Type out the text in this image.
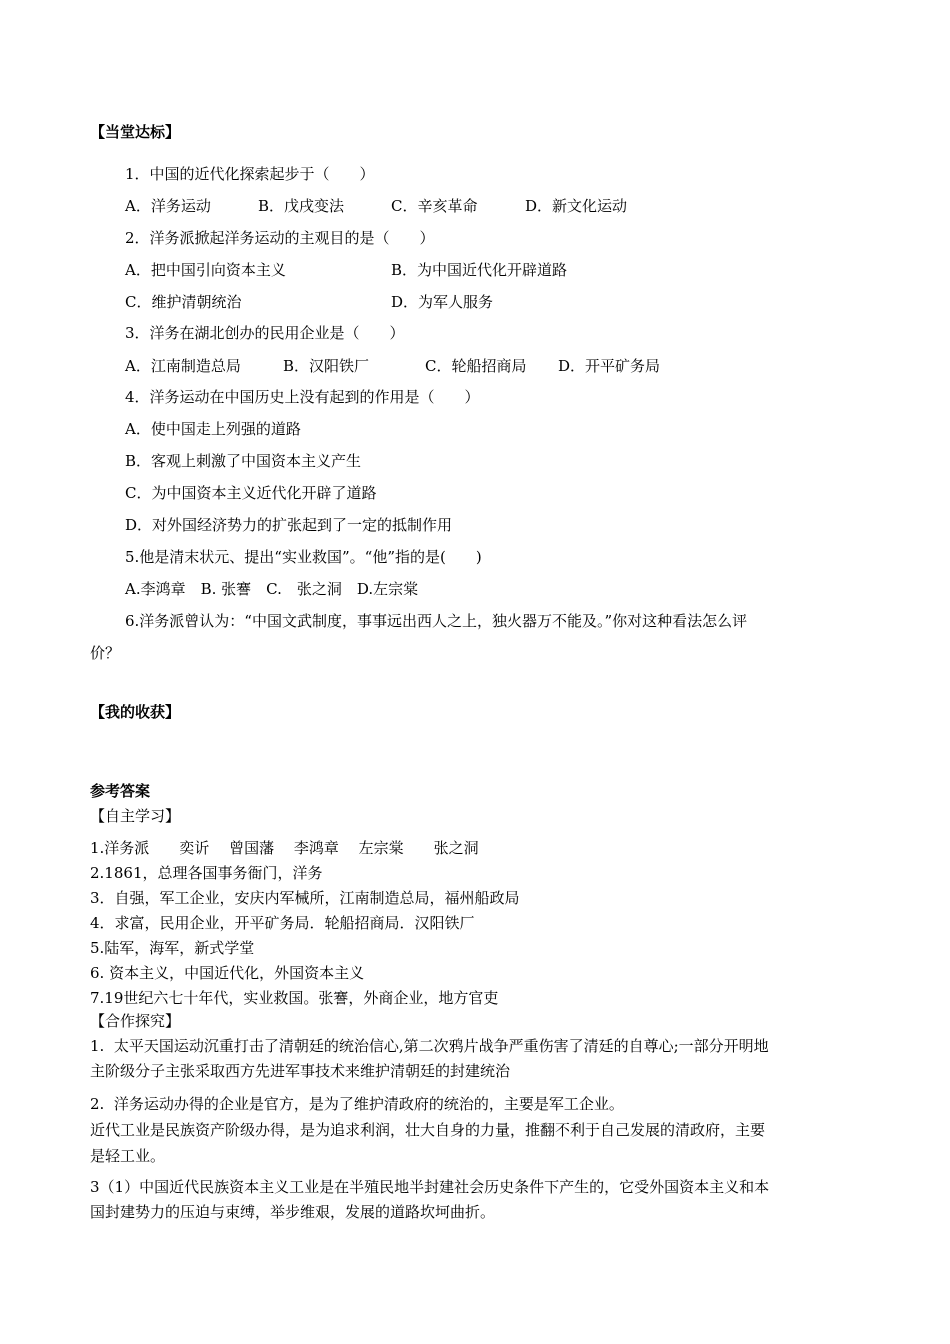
【当堂达标】
1．中国的近代化探索起步于（　　）

A．洋务运动

	B．戊戌变法

	C．辛亥革命

	D．新文化运动

2．洋务派掀起洋务运动的主观目的是（　　）

A．把中国引向资本主义

	B．为中国近代化开辟道路

C．维护清朝统治

	D．为军人服务

3．洋务在湖北创办的民用企业是（　　）

A．江南制造总局

	B．汉阳铁厂

	C．轮船招商局

D．开平矿务局

4．洋务运动在中国历史上没有起到的作用是（　　）
A．使中国走上列强的道路
B．客观上刺激了中国资本主义产生
C．为中国资本主义近代化开辟了道路
D．对外国经济势力的扩张起到了一定的抵制作用
5.他是清末状元、提出“实业救国”。“他”指的是(　　)
A.李鸿章　B. 张謇　C.　张之洞　D.左宗棠
6.洋务派曾认为：“中国文武制度，事事远出西人之上，独火器万不能及。”你对这种看法怎么评
价？
【我的收获】
参考答案
【自主学习】
1.洋务派　　奕䜣　 曾国藩　 李鸿章　 左宗棠　　张之洞
2.1861，总理各国事务衙门，洋务
3．自强，军工企业，安庆内军械所，江南制造总局，福州船政局
4．求富，民用企业，开平矿务局．轮船招商局．汉阳铁厂
5.陆军，海军，新式学堂
6. 资本主义，中国近代化，外国资本主义
7.19世纪六七十年代，实业救国。张謇，外商企业，地方官吏
【合作探究】
1.  太平天国运动沉重打击了清朝廷的统治信心,第二次鸦片战争严重伤害了清廷的自尊心;一部分开明地
主阶级分子主张采取西方先进军事技术来维护清朝廷的封建统治
2.  洋务运动办得的企业是官方，是为了维护清政府的统治的，主要是军工企业。
近代工业是民族资产阶级办得，是为追求利润，壮大自身的力量，推翻不利于自己发展的清政府，主要
是轻工业。
3（1）中国近代民族资本主义工业是在半殖民地半封建社会历史条件下产生的，它受外国资本主义和本
国封建势力的压迫与束缚，举步维艰，发展的道路坎坷曲折。
